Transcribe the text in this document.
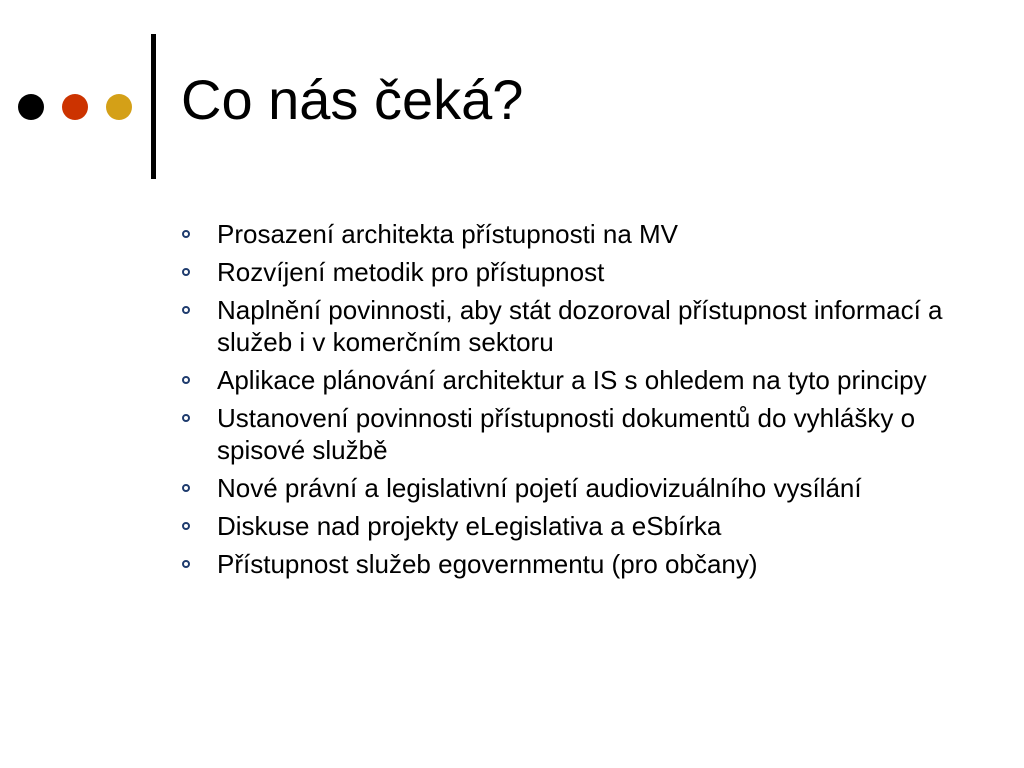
Co nás čeká?
Prosazení architekta přístupnosti na MV
Rozvíjení metodik pro přístupnost
Naplnění povinnosti, aby stát dozoroval přístupnost informací a služeb i v komerčním sektoru
Aplikace plánování architektur a IS s ohledem na tyto principy
Ustanovení povinnosti přístupnosti dokumentů do vyhlášky o spisové službě
Nové právní a legislativní pojetí audiovizuálního vysílání
Diskuse nad projekty eLegislativa a eSbírka
Přístupnost služeb egovernmentu (pro občany)
